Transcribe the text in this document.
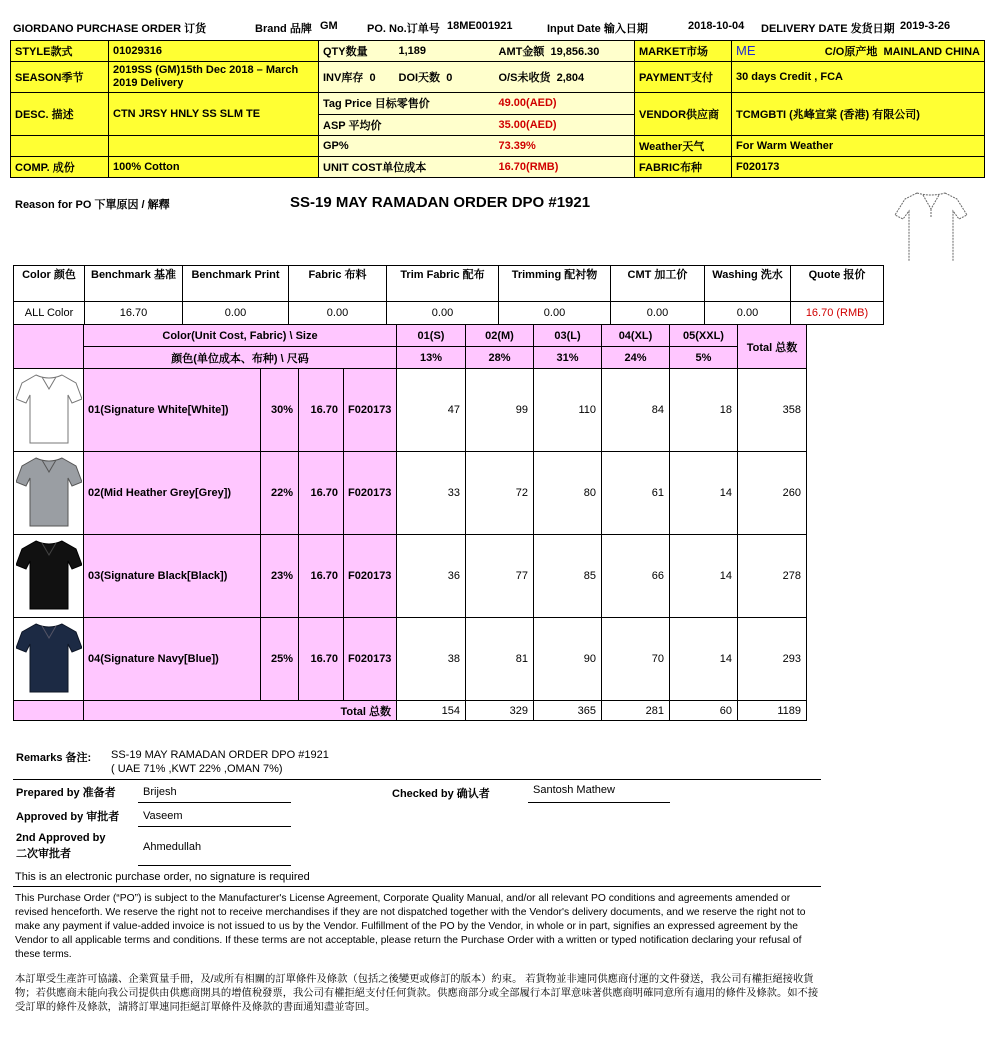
GIORDANO PURCHASE ORDER 订货	Brand 品牌 GM	PO. No.订单号 18ME001921	Input Date 输入日期	2018-10-04 DELIVERY DATE 发货日期 2019-3-26
STYLE款式	01029316	QTY数量	1,189	AMT金额 19,856.30	MARKET市场	ME C/O原产地 MAINLAND CHINA

SEASON季节	2019SS (GM)15th Dec 2018 – March 2019 Delivery	INV库存 0	DOI天数 0	O/S未收货 2,804	PAYMENT支付	30 days Credit , FCA
DESC. 描述	CTN JRSY HNLY SS SLM TE	Tag Price 目标零售价		49.00(AED)	VENDOR供应商	TCMGBTI (兆峰宣棠 (香港) 有限公司)
		ASP 平均价		35.00(AED)		
		GP%		73.39%	Weather天气	For Warm Weather
COMP. 成份	100% Cotton	UNIT COST单位成本		16.70(RMB)	FABRIC布种	F020173
Reason for PO 下單原因 / 解釋	SS-19 MAY RAMADAN ORDER DPO #1921
Color 颜色	Benchmark 基准	Benchmark Print	Fabric 布料	Trim Fabric 配布	Trimming 配衬物	CMT 加工价	Washing 洗水	Quote 报价
ALL Color	16.70	0.00	0.00	0.00	0.00	0.00	0.00	16.70 (RMB)
	Color(Unit Cost, Fabric) \ Size				01(S)	02(M)	03(L)	04(XL)	05(XXL)	Total 总数
	颜色(单位成本、布种) \ 尺码				13%	28%	31%	24%	5%	

	01(Signature White[White])	30%	16.70	F020173	47	99	110	84	18	358

	02(Mid Heather Grey[Grey])	22%	16.70	F020173	33	72	80	61	14	260

	03(Signature Black[Black])	23%	16.70	F020173	36	77	85	66	14	278

	04(Signature Navy[Blue])	25%	16.70	F020173	38	81	90	70	14	293
	Total 总数				154	329	365	281	60	1189
Remarks 备注: SS-19 MAY RAMADAN ORDER DPO #1921
( UAE 71% ,KWT 22% ,OMAN 7%)
Prepared by 准备者 Brijesh	Checked by 确认者	Santosh Mathew
Approved by 审批者 Vaseem
2nd Approved by
二次审批者
Ahmedullah
This is an electronic purchase order, no signature is required
This Purchase Order (“PO”) is subject to the Manufacturer's License Agreement, Corporate Quality Manual, and/or all relevant PO conditions and agreements amended or revised henceforth. We reserve the right not to receive merchandises if they are not dispatched together with the Vendor's delivery documents, and we reserve the right not to make any payment if value-added invoice is not issued to us by the Vendor. Fulfillment of the PO by the Vendor, in whole or in part, signifies an expressed agreement by the Vendor to all applicable terms and conditions. If these terms are not acceptable, please return the Purchase Order with a written or typed notification declaring your refusal of these terms.
本訂單受生產許可協議、企業質量手冊，及/或所有相關的訂單條件及條款（包括之後變更或修訂的版本）約束。 若貨物並非連同供應商付運的文件發送，我公司有權拒絕接收貨物；若供應商未能向我公司提供由供應商開具的增值稅發票，我公司有權拒絕支付任何貨款。供應商部分或全部履行本訂單意味著供應商明確同意所有適用的條件及條款。如不接受訂單的條件及條款，請將訂單連同拒絕訂單條件及條款的書面通知盡並寄回。
